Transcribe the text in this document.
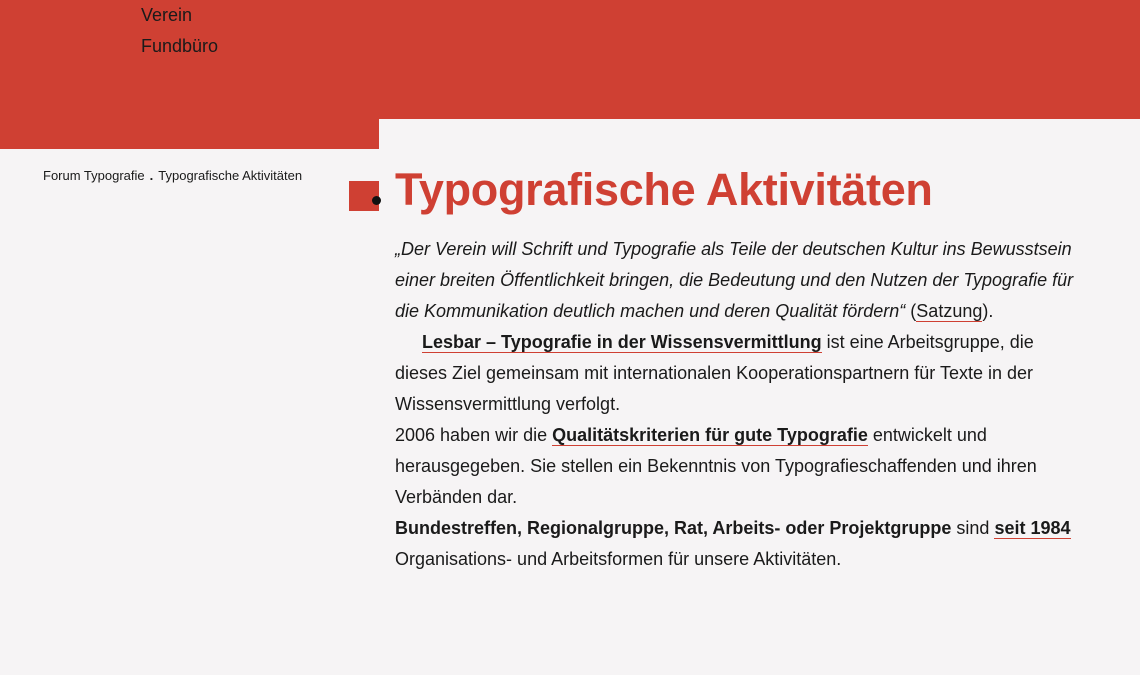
Verein
Fundbüro
Forum Typografie . Typografische Aktivitäten Typografische Aktivitäten

„Der Verein will Schrift und Typografie als Teile der deutschen Kultur ins Bewusstsein einer breiten Öffentlichkeit bringen, die Bedeutung und den Nutzen der Typografie für die Kommunikation deutlich machen und deren Qualität fördern“ (Satzung).

Lesbar – Typografie in der Wissensvermittlung ist eine Arbeitsgruppe, die dieses Ziel gemeinsam mit internationalen Kooperationspartnern für Texte in der Wissensvermittlung verfolgt.

2006 haben wir die Qualitätskriterien für gute Typografie entwickelt und herausgegeben. Sie stellen ein Bekenntnis von Typografieschaffenden und ihren Verbänden dar.

Bundestreffen, Regionalgruppe, Rat, Arbeits- oder Projektgruppe sind seit 1984 Organisations- und Arbeitsformen für unsere Aktivitäten.
